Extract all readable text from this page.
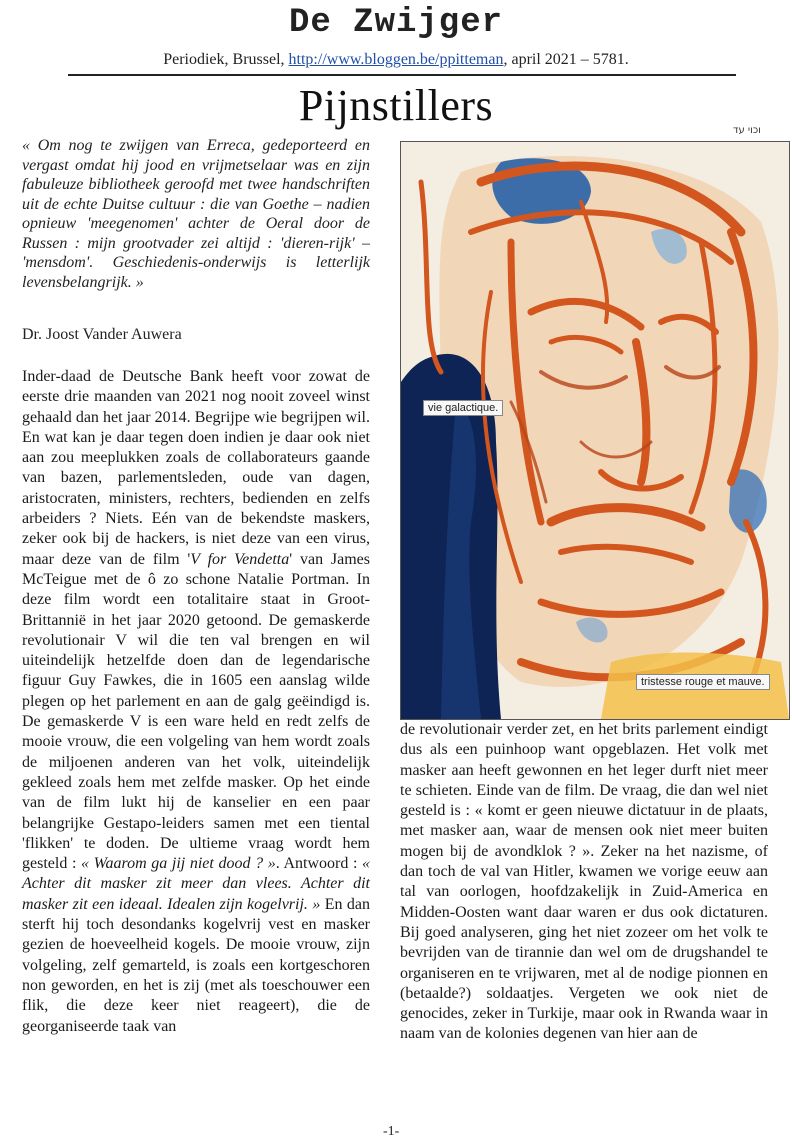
De Zwijger
Periodiek, Brussel, http://www.bloggen.be/ppitteman, april 2021 – 5781.
Pijnstillers
וכוי עד
« Om nog te zwijgen van Erreca, gedeporteerd en vergast omdat hij jood en vrijmetselaar was en zijn fabuleuze bibliotheek geroofd met twee handschriften uit de echte Duitse cultuur : die van Goethe – nadien opnieuw 'meegenomen' achter de Oeral door de Russen : mijn grootvader zei altijd : 'dieren-rijk' – 'mensdom'. Geschiedenis-onderwijs is letterlijk levensbelangrijk. »
Dr. Joost Vander Auwera

Inder-daad de Deutsche Bank heeft voor zowat de eerste drie maanden van 2021 nog nooit zoveel winst gehaald dan het jaar 2014. Begrijpe wie begrijpen wil. En wat kan je daar tegen doen indien je daar ook niet aan zou meeplukken zoals de collaborateurs gaande van bazen, parlementsleden, oude van dagen, aristocraten, ministers, rechters, bedienden en zelfs arbeiders ? Niets. Eén van de bekendste maskers, zeker ook bij de hackers, is niet deze van een virus, maar deze van de film 'V for Vendetta' van James McTeigue met de ô zo schone Natalie Portman. In deze film wordt een totalitaire staat in Groot-Brittannië in het jaar 2020 getoond. De gemaskerde revolutionair V wil die ten val brengen en wil uiteindelijk hetzelfde doen dan de legendarische figuur Guy Fawkes, die in 1605 een aanslag wilde plegen op het parlement en aan de galg geëindigd is. De gemaskerde V is een ware held en redt zelfs de mooie vrouw, die een volgeling van hem wordt zoals de miljoenen anderen van het volk, uiteindelijk gekleed zoals hem met zelfde masker. Op het einde van de film lukt hij de kanselier en een paar belangrijke Gestapo-leiders samen met een tiental 'flikken' te doden. De ultieme vraag wordt hem gesteld : « Waarom ga jij niet dood ? ». Antwoord : « Achter dit masker zit meer dan vlees. Achter dit masker zit een ideaal. Idealen zijn kogelvrij. » En dan sterft hij toch desondanks kogelvrij vest en masker gezien de hoeveelheid kogels. De mooie vrouw, zijn volgeling, zelf gemarteld, is zoals een kortgeschoren non geworden, en het is zij (met als toeschouwer een flik, die deze keer niet reageert), die de georganiseerde taak van

vie galactique.
tristesse rouge et mauve.

de revolutionair verder zet, en het brits parlement eindigt dus als een puinhoop want opgeblazen. Het volk met masker aan heeft gewonnen en het leger durft niet meer te schieten. Einde van de film. De vraag, die dan wel niet gesteld is : « komt er geen nieuwe dictatuur in de plaats, met masker aan, waar de mensen ook niet meer buiten mogen bij de avondklok ? ». Zeker na het nazisme, of dan toch de val van Hitler, kwamen we vorige eeuw aan tal van oorlogen, hoofdzakelijk in Zuid-America en Midden-Oosten want daar waren er dus ook dictaturen. Bij goed analyseren, ging het niet zozeer om het volk te bevrijden van de tirannie dan wel om de drugshandel te organiseren en te vrijwaren, met al de nodige pionnen en (betaalde?) soldaatjes. Vergeten we ook niet de genocides, zeker in Turkije, maar ook in Rwanda waar in naam van de kolonies degenen van hier aan de

-1-
